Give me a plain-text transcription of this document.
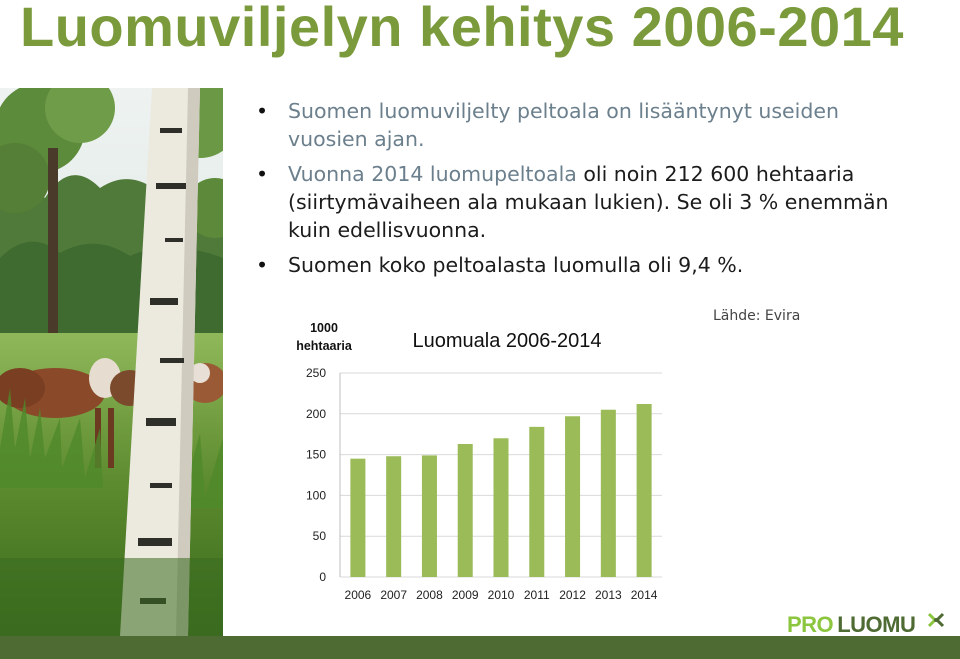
Luomuviljelyn kehitys 2006-2014
• Suomen luomuviljelty peltoala on lisääntynyt useiden vuosien ajan.
• Vuonna 2014 luomupeltoala oli noin 212 600 hehtaaria (siirtymävaiheen ala mukaan lukien). Se oli 3 % enemmän kuin edellisvuonna.
• Suomen koko peltoalasta luomulla oli 9,4 %.
1000
hehtaaria	Luomuala 2006-2014
0
50
100
150
200
250
2006 2007 2008 2009 2010 2011 2012 2013 2014
Lähde: Evira
PRO LUOMU
